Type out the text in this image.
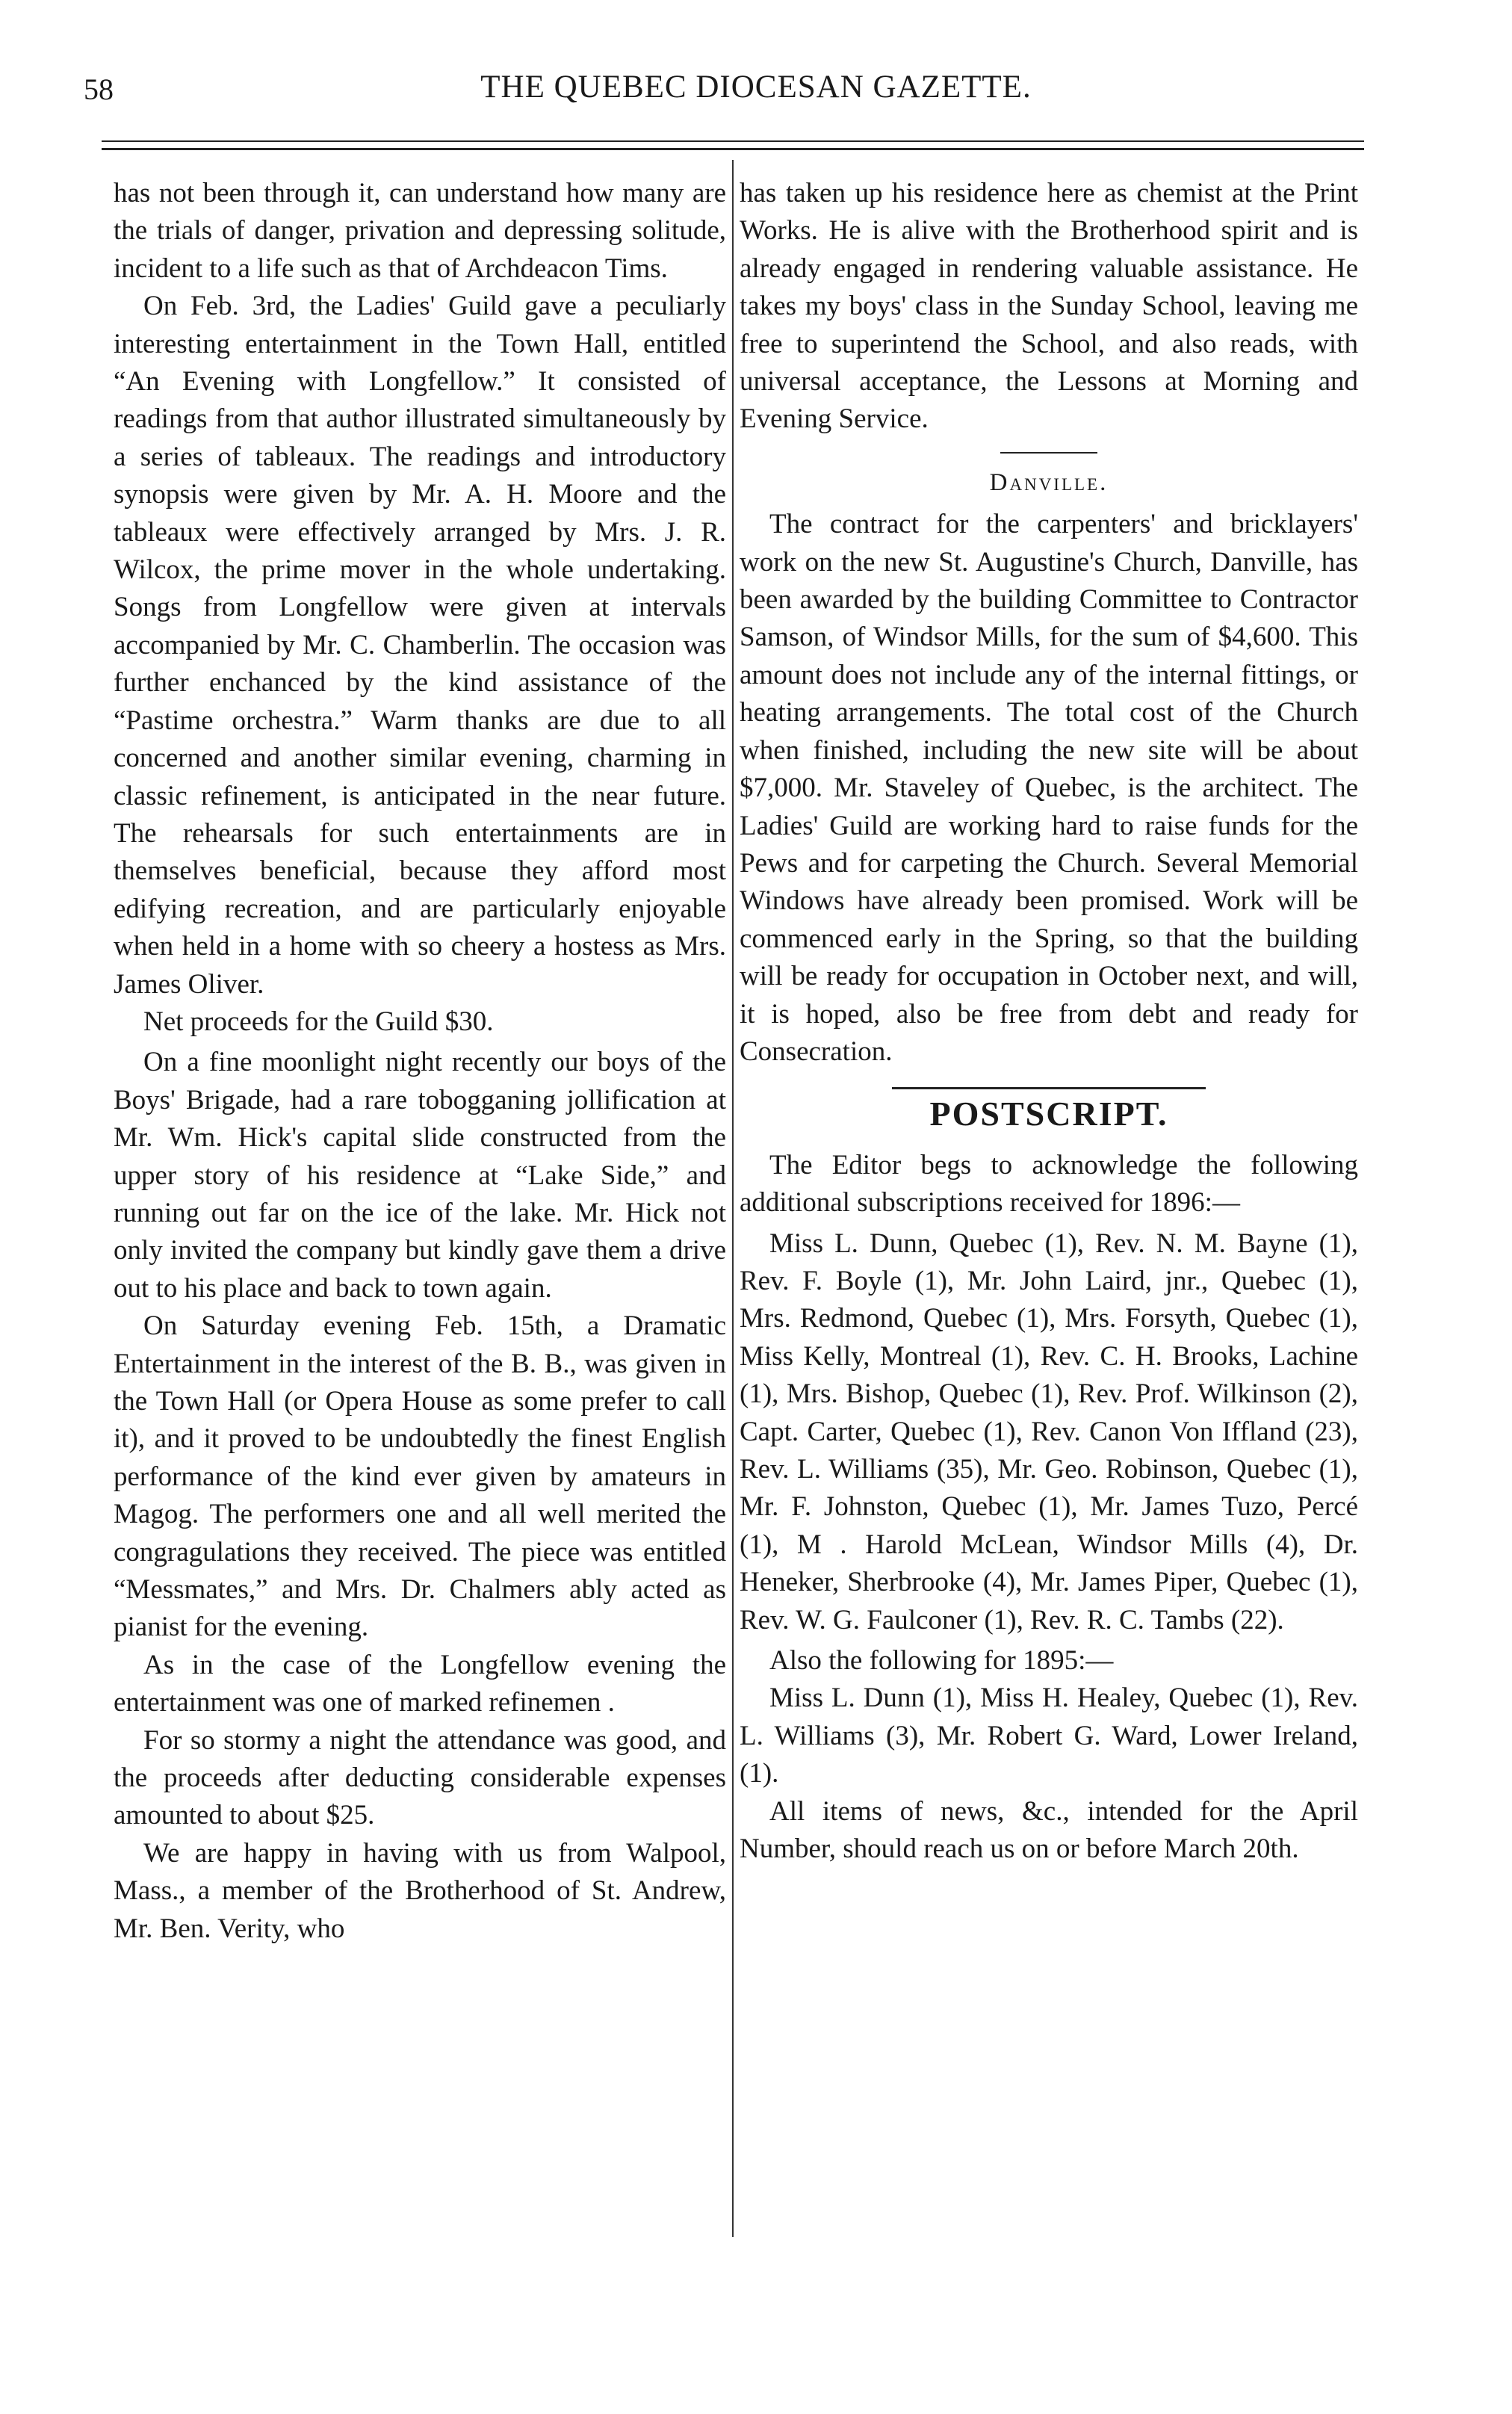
58	THE QUEBEC DIOCESAN GAZETTE.

has not been through it, can understand how many are the trials of danger, privation and depressing solitude, incident to a life such as that of Archdeacon Tims.

On Feb. 3rd, the Ladies' Guild gave a peculiarly interesting entertainment in the Town Hall, entitled “An Evening with Longfellow.” It consisted of readings from that author illustrated simultaneously by a series of tableaux. The readings and introductory synopsis were given by Mr. A. H. Moore and the tableaux were effectively arranged by Mrs. J. R. Wilcox, the prime mover in the whole undertaking. Songs from Longfellow were given at intervals accompanied by Mr. C. Chamberlin. The occasion was further enchanced by the kind assistance of the “Pastime orchestra.” Warm thanks are due to all concerned and another similar evening, charming in classic refinement, is anticipated in the near future. The rehearsals for such entertainments are in themselves beneficial, because they afford most edifying recreation, and are particularly enjoyable when held in a home with so cheery a hostess as Mrs. James Oliver.

Net proceeds for the Guild $30.

On a fine moonlight night recently our boys of the Boys' Brigade, had a rare tobogganing jollification at Mr. Wm. Hick's capital slide constructed from the upper story of his residence at “Lake Side,” and running out far on the ice of the lake. Mr. Hick not only invited the company but kindly gave them a drive out to his place and back to town again.

On Saturday evening Feb. 15th, a Dramatic Entertainment in the interest of the B. B., was given in the Town Hall (or Opera House as some prefer to call it), and it proved to be undoubtedly the finest English performance of the kind ever given by amateurs in Magog. The performers one and all well merited the congragulations they received. The piece was entitled “Messmates,” and Mrs. Dr. Chalmers ably acted as pianist for the evening.

As in the case of the Longfellow evening the entertainment was one of marked refinemen .

For so stormy a night the attendance was good, and the proceeds after deducting considerable expenses amounted to about $25.

We are happy in having with us from Walpool, Mass., a member of the Brotherhood of St. Andrew, Mr. Ben. Verity, who

has taken up his residence here as chemist at the Print Works. He is alive with the Brotherhood spirit and is already engaged in rendering valuable assistance. He takes my boys' class in the Sunday School, leaving me free to superintend the School, and also reads, with universal acceptance, the Lessons at Morning and Evening Service.

Danville.

The contract for the carpenters' and bricklayers' work on the new St. Augustine's Church, Danville, has been awarded by the building Committee to Contractor Samson, of Windsor Mills, for the sum of $4,600. This amount does not include any of the internal fittings, or heating arrangements. The total cost of the Church when finished, including the new site will be about $7,000. Mr. Staveley of Quebec, is the architect. The Ladies' Guild are working hard to raise funds for the Pews and for carpeting the Church. Several Memorial Windows have already been promised. Work will be commenced early in the Spring, so that the building will be ready for occupation in October next, and will, it is hoped, also be free from debt and ready for Consecration.

POSTSCRIPT.

The Editor begs to acknowledge the following additional subscriptions received for 1896:—

Miss L. Dunn, Quebec (1), Rev. N. M. Bayne (1), Rev. F. Boyle (1), Mr. John Laird, jnr., Quebec (1), Mrs. Redmond, Quebec (1), Mrs. Forsyth, Quebec (1), Miss Kelly, Montreal (1), Rev. C. H. Brooks, Lachine (1), Mrs. Bishop, Quebec (1), Rev. Prof. Wilkinson (2), Capt. Carter, Quebec (1), Rev. Canon Von Iffland (23), Rev. L. Williams (35), Mr. Geo. Robinson, Quebec (1), Mr. F. Johnston, Quebec (1), Mr. James Tuzo, Percé (1), M . Harold McLean, Windsor Mills (4), Dr. Heneker, Sherbrooke (4), Mr. James Piper, Quebec (1), Rev. W. G. Faulconer (1), Rev. R. C. Tambs (22).

Also the following for 1895:—

Miss L. Dunn (1), Miss H. Healey, Quebec (1), Rev. L. Williams (3), Mr. Robert G. Ward, Lower Ireland, (1).

All items of news, &c., intended for the April Number, should reach us on or before March 20th.
